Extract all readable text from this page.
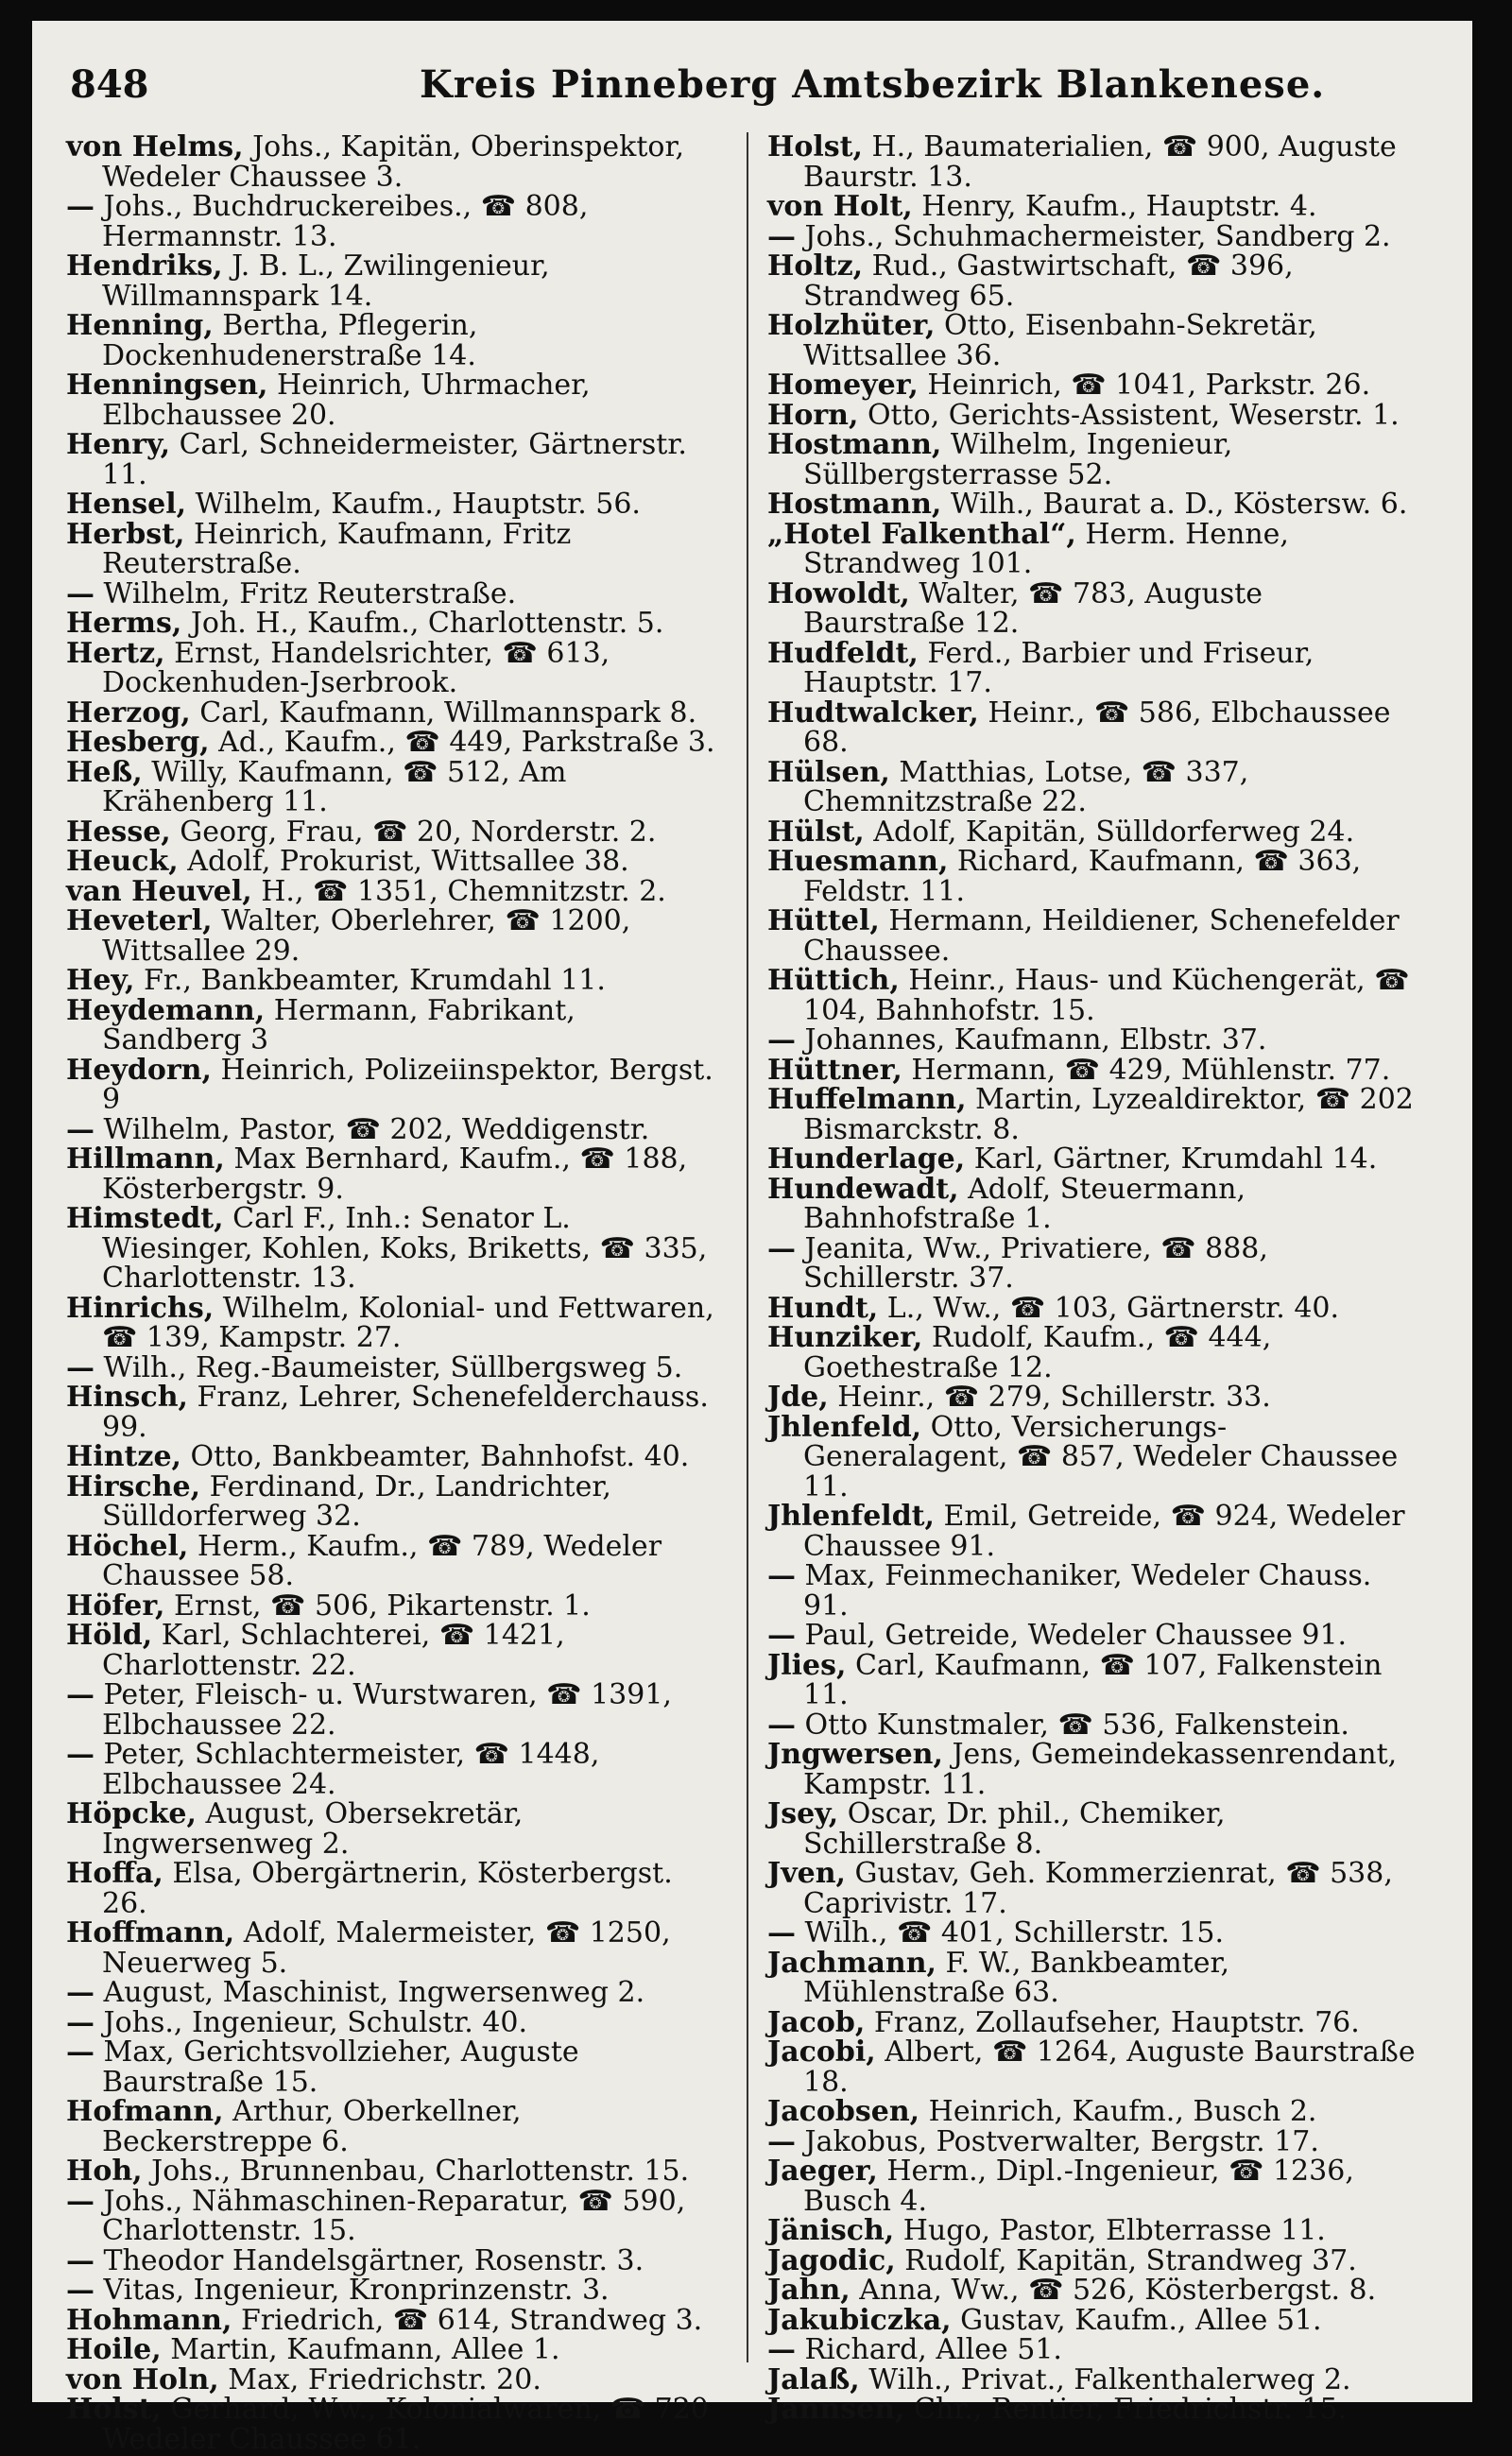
848	Kreis Pinneberg Amtsbezirk Blankenese.
von Helms, Johs., Kapitän, Oberinspektor, Wedeler Chaussee 3.
— Johs., Buchdruckereibes., ☎ 808, Hermannstr. 13.
Hendriks, J. B. L., Zwilingenieur, Willmannspark 14.
Henning, Bertha, Pflegerin, Dockenhudenerstraße 14.
Henningsen, Heinrich, Uhrmacher, Elbchaussee 20.
Henry, Carl, Schneidermeister, Gärtnerstr. 11.
Hensel, Wilhelm, Kaufm., Hauptstr. 56.
Herbst, Heinrich, Kaufmann, Fritz Reuterstraße.
— Wilhelm, Fritz Reuterstraße.
Herms, Joh. H., Kaufm., Charlottenstr. 5.
Hertz, Ernst, Handelsrichter, ☎ 613, Dockenhuden-Jserbrook.
Herzog, Carl, Kaufmann, Willmannspark 8.
Hesberg, Ad., Kaufm., ☎ 449, Parkstraße 3.
Heß, Willy, Kaufmann, ☎ 512, Am Krähenberg 11.
Hesse, Georg, Frau, ☎ 20, Norderstr. 2.
Heuck, Adolf, Prokurist, Wittsallee 38.
van Heuvel, H., ☎ 1351, Chemnitzstr. 2.
Heveterl, Walter, Oberlehrer, ☎ 1200, Wittsallee 29.
Hey, Fr., Bankbeamter, Krumdahl 11.
Heydemann, Hermann, Fabrikant, Sandberg 3
Heydorn, Heinrich, Polizeiinspektor, Bergst. 9
— Wilhelm, Pastor, ☎ 202, Weddigenstr.
Hillmann, Max Bernhard, Kaufm., ☎ 188, Kösterbergstr. 9.
Himstedt, Carl F., Inh.: Senator L. Wiesinger, Kohlen, Koks, Briketts, ☎ 335, Charlottenstr. 13.
Hinrichs, Wilhelm, Kolonial- und Fettwaren, ☎ 139, Kampstr. 27.
— Wilh., Reg.-Baumeister, Süllbergsweg 5.
Hinsch, Franz, Lehrer, Schenefelderchauss. 99.
Hintze, Otto, Bankbeamter, Bahnhofst. 40.
Hirsche, Ferdinand, Dr., Landrichter, Sülldorferweg 32.
Höchel, Herm., Kaufm., ☎ 789, Wedeler Chaussee 58.
Höfer, Ernst, ☎ 506, Pikartenstr. 1.
Höld, Karl, Schlachterei, ☎ 1421, Charlottenstr. 22.
— Peter, Fleisch- u. Wurstwaren, ☎ 1391, Elbchaussee 22.
— Peter, Schlachtermeister, ☎ 1448, Elbchaussee 24.
Höpcke, August, Obersekretär, Ingwersenweg 2.
Hoffa, Elsa, Obergärtnerin, Kösterbergst. 26.
Hoffmann, Adolf, Malermeister, ☎ 1250, Neuerweg 5.
— August, Maschinist, Ingwersenweg 2.
— Johs., Ingenieur, Schulstr. 40.
— Max, Gerichtsvollzieher, Auguste Baurstraße 15.
Hofmann, Arthur, Oberkellner, Beckerstreppe 6.
Hoh, Johs., Brunnenbau, Charlottenstr. 15.
— Johs., Nähmaschinen-Reparatur, ☎ 590, Charlottenstr. 15.
— Theodor Handelsgärtner, Rosenstr. 3.
— Vitas, Ingenieur, Kronprinzenstr. 3.
Hohmann, Friedrich, ☎ 614, Strandweg 3.
Hoile, Martin, Kaufmann, Allee 1.
von Holn, Max, Friedrichstr. 20.
Holst, Gerhard, Ww., Kolonialwaren, ☎ 720 Wedeler Chaussee 61.
Holst, H., Baumaterialien, ☎ 900, Auguste Baurstr. 13.
von Holt, Henry, Kaufm., Hauptstr. 4.
— Johs., Schuhmachermeister, Sandberg 2.
Holtz, Rud., Gastwirtschaft, ☎ 396, Strandweg 65.
Holzhüter, Otto, Eisenbahn-Sekretär, Wittsallee 36.
Homeyer, Heinrich, ☎ 1041, Parkstr. 26.
Horn, Otto, Gerichts-Assistent, Weserstr. 1.
Hostmann, Wilhelm, Ingenieur, Süllbergsterrasse 52.
Hostmann, Wilh., Baurat a. D., Köstersw. 6.
„Hotel Falkenthal“, Herm. Henne, Strandweg 101.
Howoldt, Walter, ☎ 783, Auguste Baurstraße 12.
Hudfeldt, Ferd., Barbier und Friseur, Hauptstr. 17.
Hudtwalcker, Heinr., ☎ 586, Elbchaussee 68.
Hülsen, Matthias, Lotse, ☎ 337, Chemnitzstraße 22.
Hülst, Adolf, Kapitän, Sülldorferweg 24.
Huesmann, Richard, Kaufmann, ☎ 363, Feldstr. 11.
Hüttel, Hermann, Heildiener, Schenefelder Chaussee.
Hüttich, Heinr., Haus- und Küchengerät, ☎ 104, Bahnhofstr. 15.
— Johannes, Kaufmann, Elbstr. 37.
Hüttner, Hermann, ☎ 429, Mühlenstr. 77.
Huffelmann, Martin, Lyzealdirektor, ☎ 202 Bismarckstr. 8.
Hunderlage, Karl, Gärtner, Krumdahl 14.
Hundewadt, Adolf, Steuermann, Bahnhofstraße 1.
— Jeanita, Ww., Privatiere, ☎ 888, Schillerstr. 37.
Hundt, L., Ww., ☎ 103, Gärtnerstr. 40.
Hunziker, Rudolf, Kaufm., ☎ 444, Goethestraße 12.
Jde, Heinr., ☎ 279, Schillerstr. 33.
Jhlenfeld, Otto, Versicherungs-Generalagent, ☎ 857, Wedeler Chaussee 11.
Jhlenfeldt, Emil, Getreide, ☎ 924, Wedeler Chaussee 91.
— Max, Feinmechaniker, Wedeler Chauss. 91.
— Paul, Getreide, Wedeler Chaussee 91.
Jlies, Carl, Kaufmann, ☎ 107, Falkenstein 11.
— Otto Kunstmaler, ☎ 536, Falkenstein.
Jngwersen, Jens, Gemeindekassenrendant, Kampstr. 11.
Jsey, Oscar, Dr. phil., Chemiker, Schillerstraße 8.
Jven, Gustav, Geh. Kommerzienrat, ☎ 538, Caprivistr. 17.
— Wilh., ☎ 401, Schillerstr. 15.
Jachmann, F. W., Bankbeamter, Mühlenstraße 63.
Jacob, Franz, Zollaufseher, Hauptstr. 76.
Jacobi, Albert, ☎ 1264, Auguste Baurstraße 18.
Jacobsen, Heinrich, Kaufm., Busch 2.
— Jakobus, Postverwalter, Bergstr. 17.
Jaeger, Herm., Dipl.-Ingenieur, ☎ 1236, Busch 4.
Jänisch, Hugo, Pastor, Elbterrasse 11.
Jagodic, Rudolf, Kapitän, Strandweg 37.
Jahn, Anna, Ww., ☎ 526, Kösterbergst. 8.
Jakubiczka, Gustav, Kaufm., Allee 51.
— Richard, Allee 51.
Jalaß, Wilh., Privat., Falkenthalerweg 2.
Jannsen, Chr., Rentier, Friedrichstr. 15.
